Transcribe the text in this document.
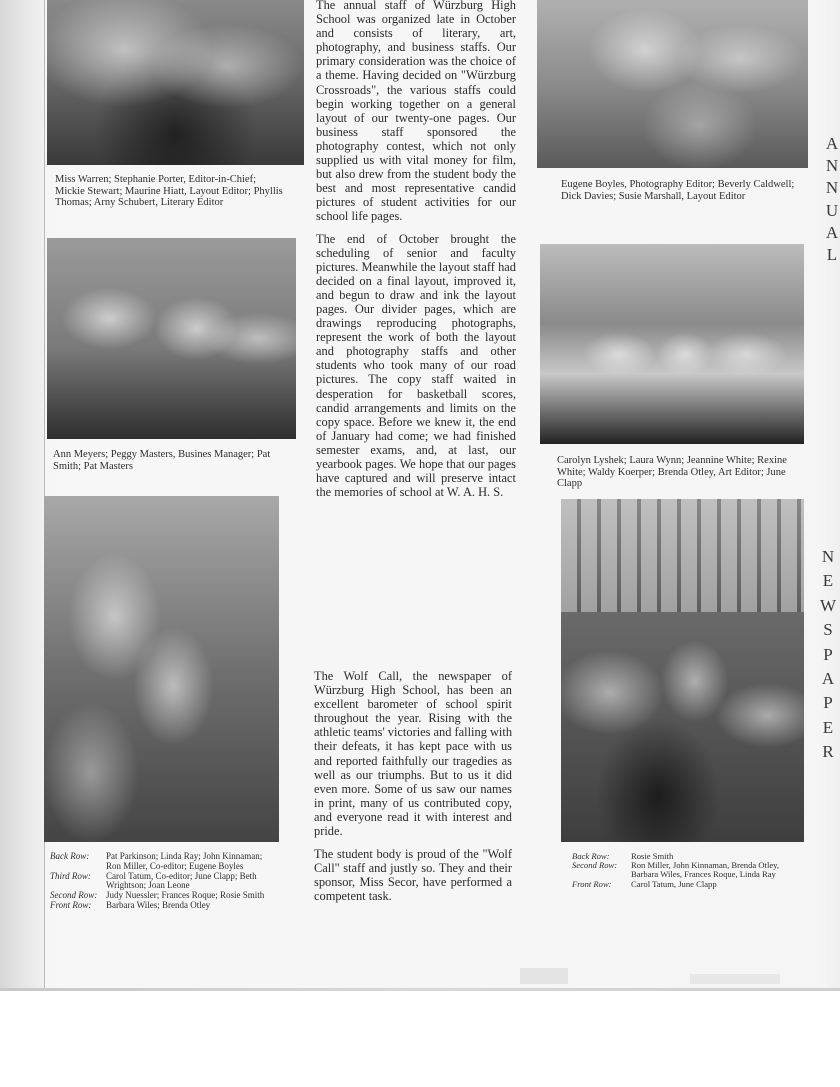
Miss Warren; Stephanie Porter, Editor-in-Chief; Mickie Stewart; Maurine Hiatt, Layout Editor; Phyllis Thomas; Arny Schubert, Literary Editor
Ann Meyers; Peggy Masters, Busines Manager; Pat Smith; Pat Masters
Back Row:	Pat Parkinson; Linda Ray; John Kinnaman; Ron Miller, Co-editor; Eugene Boyles
Third Row:	Carol Tatum, Co-editor; June Clapp; Beth Wrightson; Joan Leone
Second Row: Judy Nuessler; Frances Roque; Rosie Smith
Front Row:	Barbara Wiles; Brenda Otley

The annual staff of Würzburg High School was organized late in October and consists of literary, art, photography, and business staffs. Our primary consideration was the choice of a theme. Having decided on "Würzburg Crossroads", the various staffs could begin working together on a general layout of our twenty-one pages. Our business staff sponsored the photography contest, which not only supplied us with vital money for film, but also drew from the student body the best and most representative candid pictures of student activities for our school life pages.

The end of October brought the scheduling of senior and faculty pictures. Meanwhile the layout staff had decided on a final layout, improved it, and begun to draw and ink the layout pages. Our divider pages, which are drawings reproducing photographs, represent the work of both the layout and photography staffs and other students who took many of our road pictures. The copy staff waited in desperation for basketball scores, candid arrangements and limits on the copy space. Before we knew it, the end of January had come; we had finished semester exams, and, at last, our yearbook pages. We hope that our pages have captured and will preserve intact the memories of school at W. A. H. S.

The Wolf Call, the newspaper of Würzburg High School, has been an excellent barometer of school spirit throughout the year. Rising with the athletic teams' victories and falling with their defeats, it has kept pace with us and reported faithfully our tragedies as well as our triumphs. But to us it did even more. Some of us saw our names in print, many of us contributed copy, and everyone read it with interest and pride.

The student body is proud of the "Wolf Call" staff and justly so. They and their sponsor, Miss Secor, have performed a competent task.

Eugene Boyles, Photography Editor; Beverly Caldwell; Dick Davies; Susie Marshall, Layout Editor
Carolyn Lyshek; Laura Wynn; Jeannine White; Rexine White; Waldy Koerper; Brenda Otley, Art Editor; June Clapp
Back Row:	Rosie Smith
Second Row:	Ron Miller, John Kinnaman, Brenda Otley, Barbara Wiles, Frances Roque, Linda Ray
Front Row:	Carol Tatum, June Clapp
A
N
N
U
A
L
N
E
W
S
P
A
P
E
R
